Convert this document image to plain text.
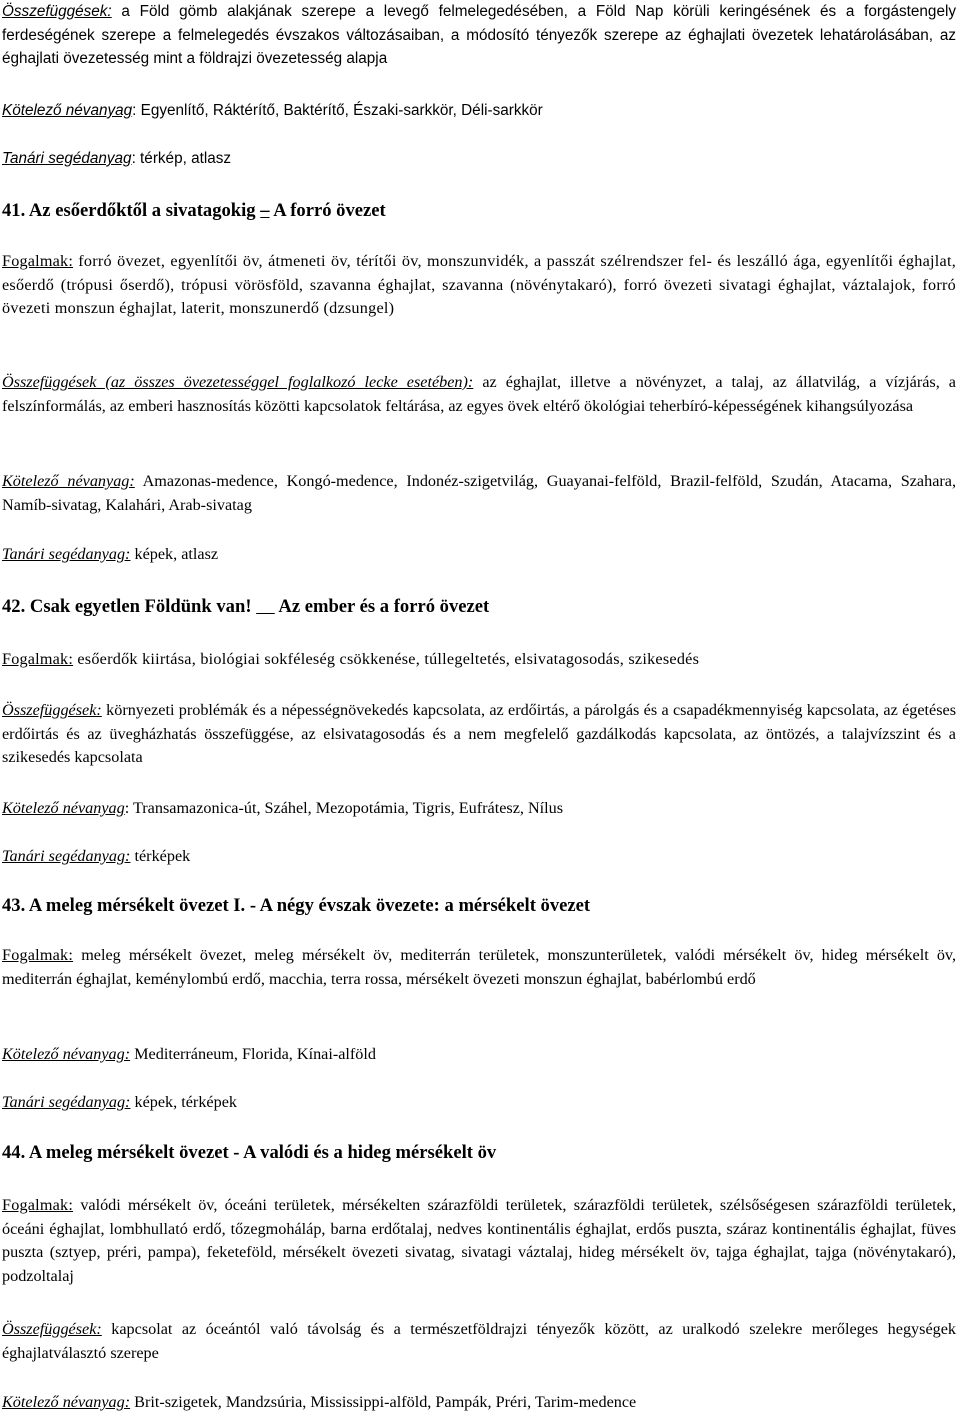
Összefüggések: a Föld gömb alakjának szerepe a levegő felmelegedésében, a Föld Nap körüli keringésének és a forgástengely ferdeségének szerepe a felmelegedés évszakos változásaiban, a módosító tényezők szerepe az éghajlati övezetek lehatárolásában, az éghajlati övezetesség mint a földrajzi övezetesség alapja

Kötelező névanyag: Egyenlítő, Ráktérítő, Baktérítő, Északi-sarkkör, Déli-sarkkör

Tanári segédanyag: térkép, atlasz

41. Az esőerdőktől a sivatagokig – A forró övezet

Fogalmak: forró övezet, egyenlítői öv, átmeneti öv, térítői öv, monszunvidék, a passzát szélrendszer fel- és leszálló ága, egyenlítői éghajlat, esőerdő (trópusi őserdő), trópusi vörösföld, szavanna éghajlat, szavanna (növénytakaró), forró övezeti sivatagi éghajlat, váztalajok, forró övezeti monszun éghajlat, laterit, monszunerdő (dzsungel)

Összefüggések (az összes övezetességgel foglalkozó lecke esetében): az éghajlat, illetve a növényzet, a talaj, az állatvilág, a vízjárás, a felszínformálás, az emberi hasznosítás közötti kapcsolatok feltárása, az egyes övek eltérő ökológiai teherbíró-képességének kihangsúlyozása

Kötelező névanyag: Amazonas-medence, Kongó-medence, Indonéz-szigetvilág, Guayanai-felföld, Brazil-felföld, Szudán, Atacama, Szahara, Namíb-sivatag, Kalahári, Arab-sivatag

Tanári segédanyag: képek, atlasz

42. Csak egyetlen Földünk van! Az ember és a forró övezet

Fogalmak: esőerdők kiirtása, biológiai sokféleség csökkenése, túllegeltetés, elsivatagosodás, szikesedés

Összefüggések: környezeti problémák és a népességnövekedés kapcsolata, az erdőirtás, a párolgás és a csapadékmennyiség kapcsolata, az égetéses erdőirtás és az üvegházhatás összefüggése, az elsivatagosodás és a nem megfelelő gazdálkodás kapcsolata, az öntözés, a talajvízszint és a szikesedés kapcsolata

Kötelező névanyag: Transamazonica-út, Száhel, Mezopotámia, Tigris, Eufrátesz, Nílus

Tanári segédanyag: térképek

43. A meleg mérsékelt övezet I. - A négy évszak övezete: a mérsékelt övezet

Fogalmak: meleg mérsékelt övezet, meleg mérsékelt öv, mediterrán területek, monszunterületek, valódi mérsékelt öv, hideg mérsékelt öv, mediterrán éghajlat, keménylombú erdő, macchia, terra rossa, mérsékelt övezeti monszun éghajlat, babérlombú erdő

Kötelező névanyag: Mediterráneum, Florida, Kínai-alföld

Tanári segédanyag: képek, térképek

44. A meleg mérsékelt övezet - A valódi és a hideg mérsékelt öv

Fogalmak: valódi mérsékelt öv, óceáni területek, mérsékelten szárazföldi területek, szárazföldi területek, szélsőségesen szárazföldi területek, óceáni éghajlat, lombhullató erdő, tőzegmoháláp, barna erdőtalaj, nedves kontinentális éghajlat, erdős puszta, száraz kontinentális éghajlat, füves puszta (sztyep, préri, pampa), feketeföld, mérsékelt övezeti sivatag, sivatagi váztalaj, hideg mérsékelt öv, tajga éghajlat, tajga (növénytakaró), podzoltalaj

Összefüggések: kapcsolat az óceántól való távolság és a természetföldrajzi tényezők között, az uralkodó szelekre merőleges hegységek éghajlatválasztó szerepe

Kötelező névanyag: Brit-szigetek, Mandzsúria, Mississippi-alföld, Pampák, Préri, Tarim-medence
